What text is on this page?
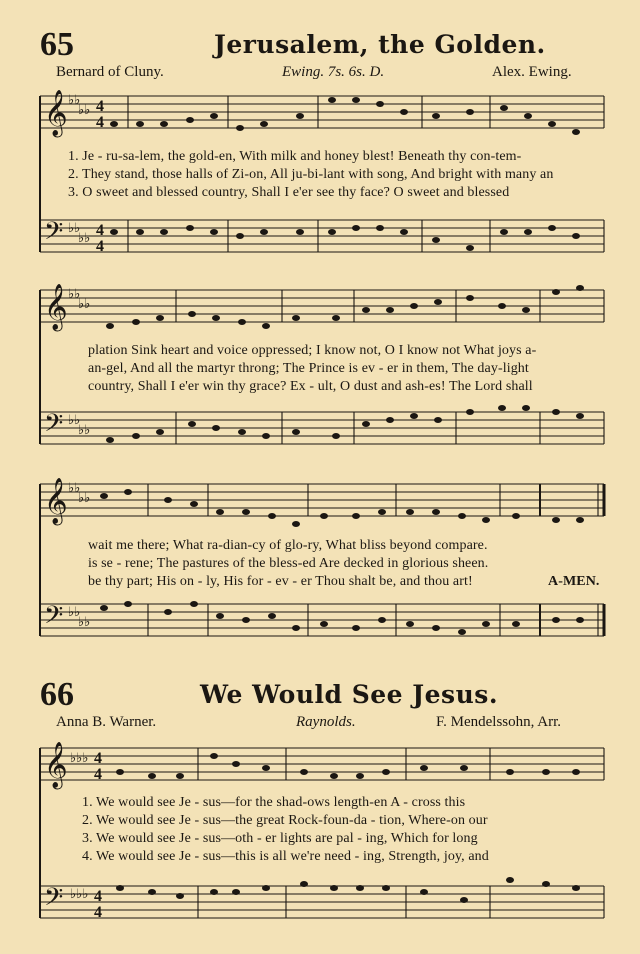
𝄞
𝄢
𝄞
𝄢
𝄞
𝄢
𝄞
𝄢
♭♭
♭♭
♭♭
♭♭
♭♭
♭♭
♭♭
♭♭
♭♭
♭♭
♭♭
♭♭
♭♭♭
♭♭♭
4
4
4
4
4
4
4
4
65	Jerusalem, the Golden.
Bernard of Cluny.	Ewing. 7s. 6s. D.	Alex. Ewing.
1. Je - ru-sa-lem, the gold-en, With milk and honey blest! Beneath thy con-tem-
2. They stand, those halls of Zi-on, All ju-bi-lant with song, And bright with many an
3. O sweet and blessed country, Shall I e'er see thy face? O sweet and blessed
plation Sink heart and voice oppressed; I know not, O I know not What joys a-
an-gel, And all the martyr throng; The Prince is ev - er in them, The day-light
country, Shall I e'er win thy grace? Ex - ult, O dust and ash-es! The Lord shall
wait me there; What ra-dian-cy of glo-ry, What bliss beyond compare.
is se - rene; The pastures of the bless-ed Are decked in glorious sheen.
be thy part; His on - ly, His for - ev - er Thou shalt be, and thou art!	A-MEN.
66	We Would See Jesus.
Anna B. Warner.	Raynolds.	F. Mendelssohn, Arr.
1. We would see Je - sus—for the shad-ows length-en A - cross this
2. We would see Je - sus—the great Rock-foun-da - tion, Where-on our
3. We would see Je - sus—oth - er lights are pal - ing, Which for long
4. We would see Je - sus—this is all we're need - ing, Strength, joy, and
